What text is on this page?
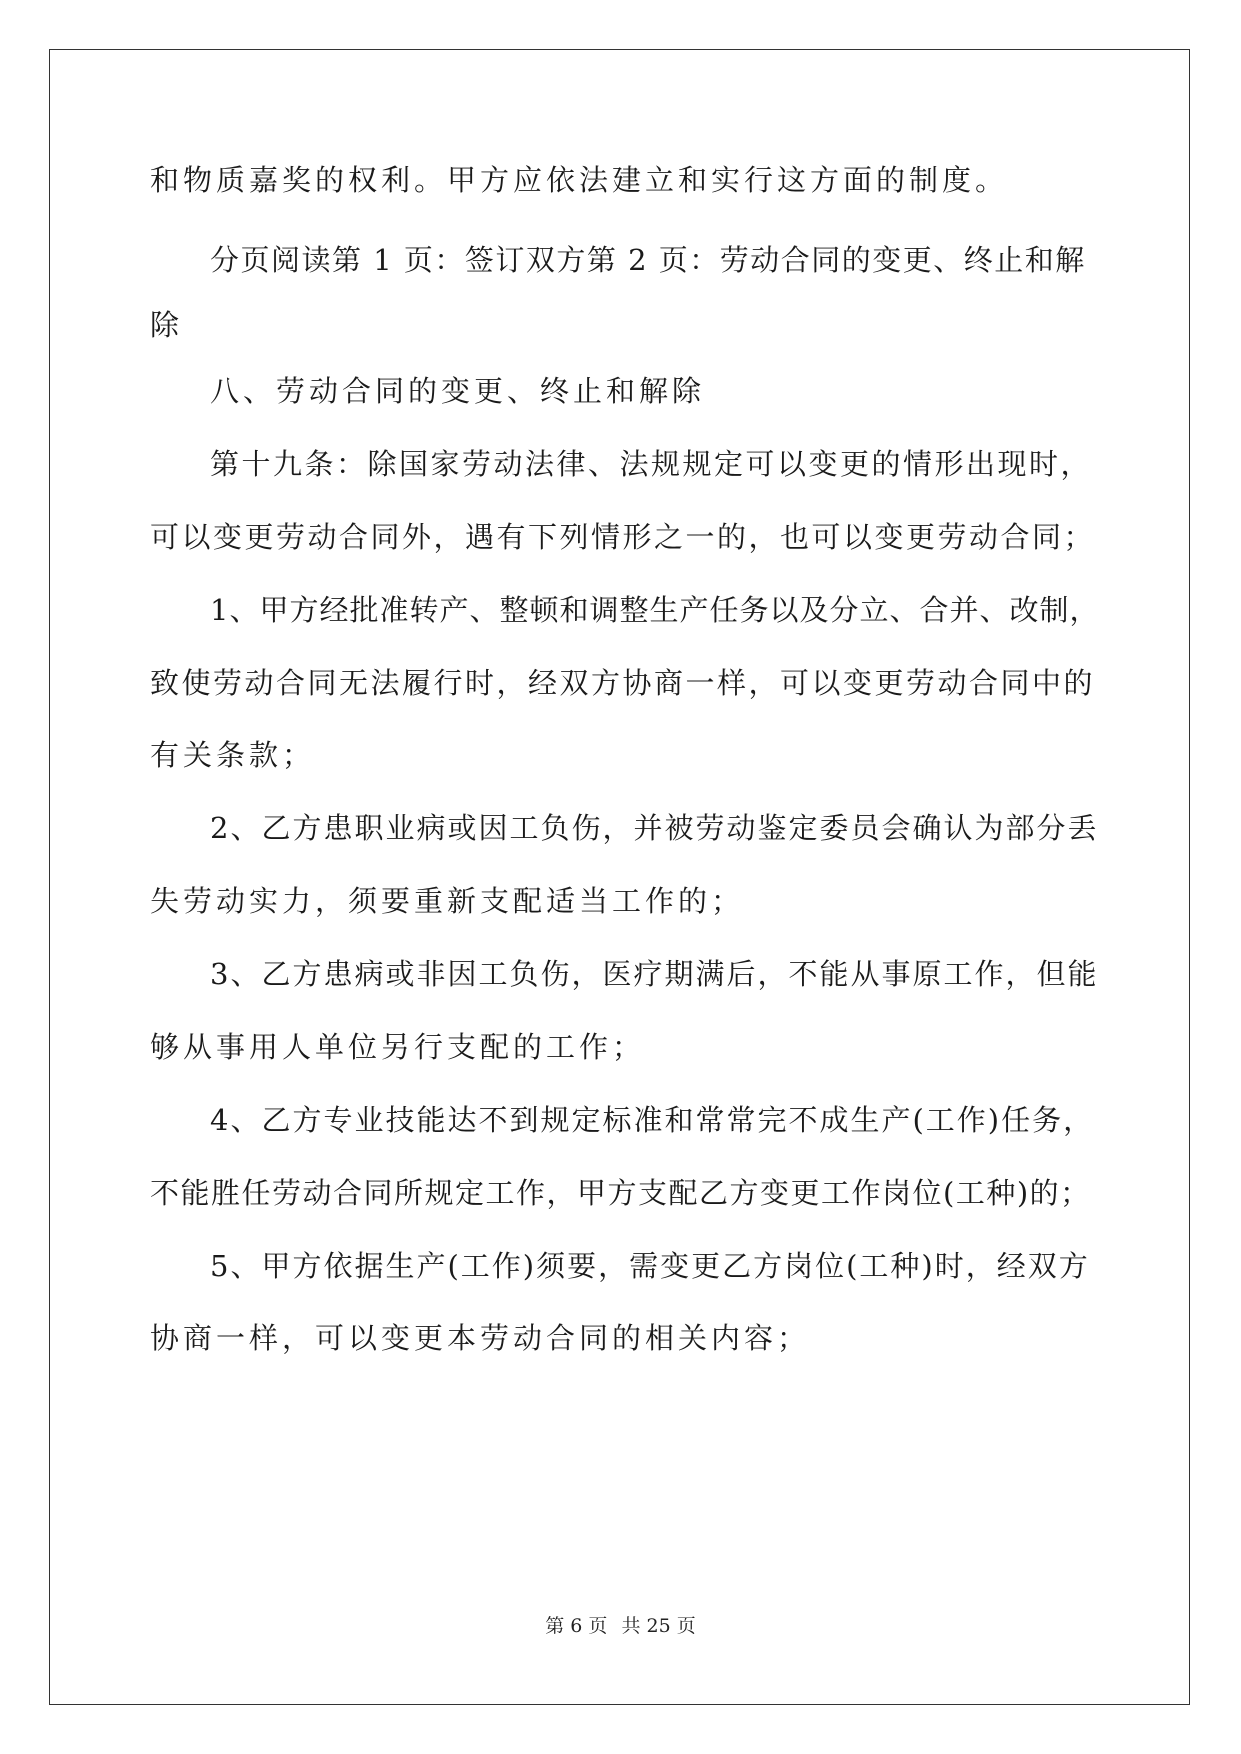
和物质嘉奖的权利。甲方应依法建立和实行这方面的制度。
分页阅读第 1 页：签订双方第 2 页：劳动合同的变更、终止和解
除
八、劳动合同的变更、终止和解除
第十九条：除国家劳动法律、法规规定可以变更的情形出现时，
可以变更劳动合同外，遇有下列情形之一的，也可以变更劳动合同；
1、甲方经批准转产、整顿和调整生产任务以及分立、合并、改制，
致使劳动合同无法履行时，经双方协商一样，可以变更劳动合同中的
有关条款；
2、乙方患职业病或因工负伤，并被劳动鉴定委员会确认为部分丢
失劳动实力，须要重新支配适当工作的；
3、乙方患病或非因工负伤，医疗期满后，不能从事原工作，但能
够从事用人单位另行支配的工作；
4、乙方专业技能达不到规定标准和常常完不成生产(工作)任务，
不能胜任劳动合同所规定工作，甲方支配乙方变更工作岗位(工种)的；
5、甲方依据生产(工作)须要，需变更乙方岗位(工种)时，经双方
协商一样，可以变更本劳动合同的相关内容；
第 6 页 共 25 页
